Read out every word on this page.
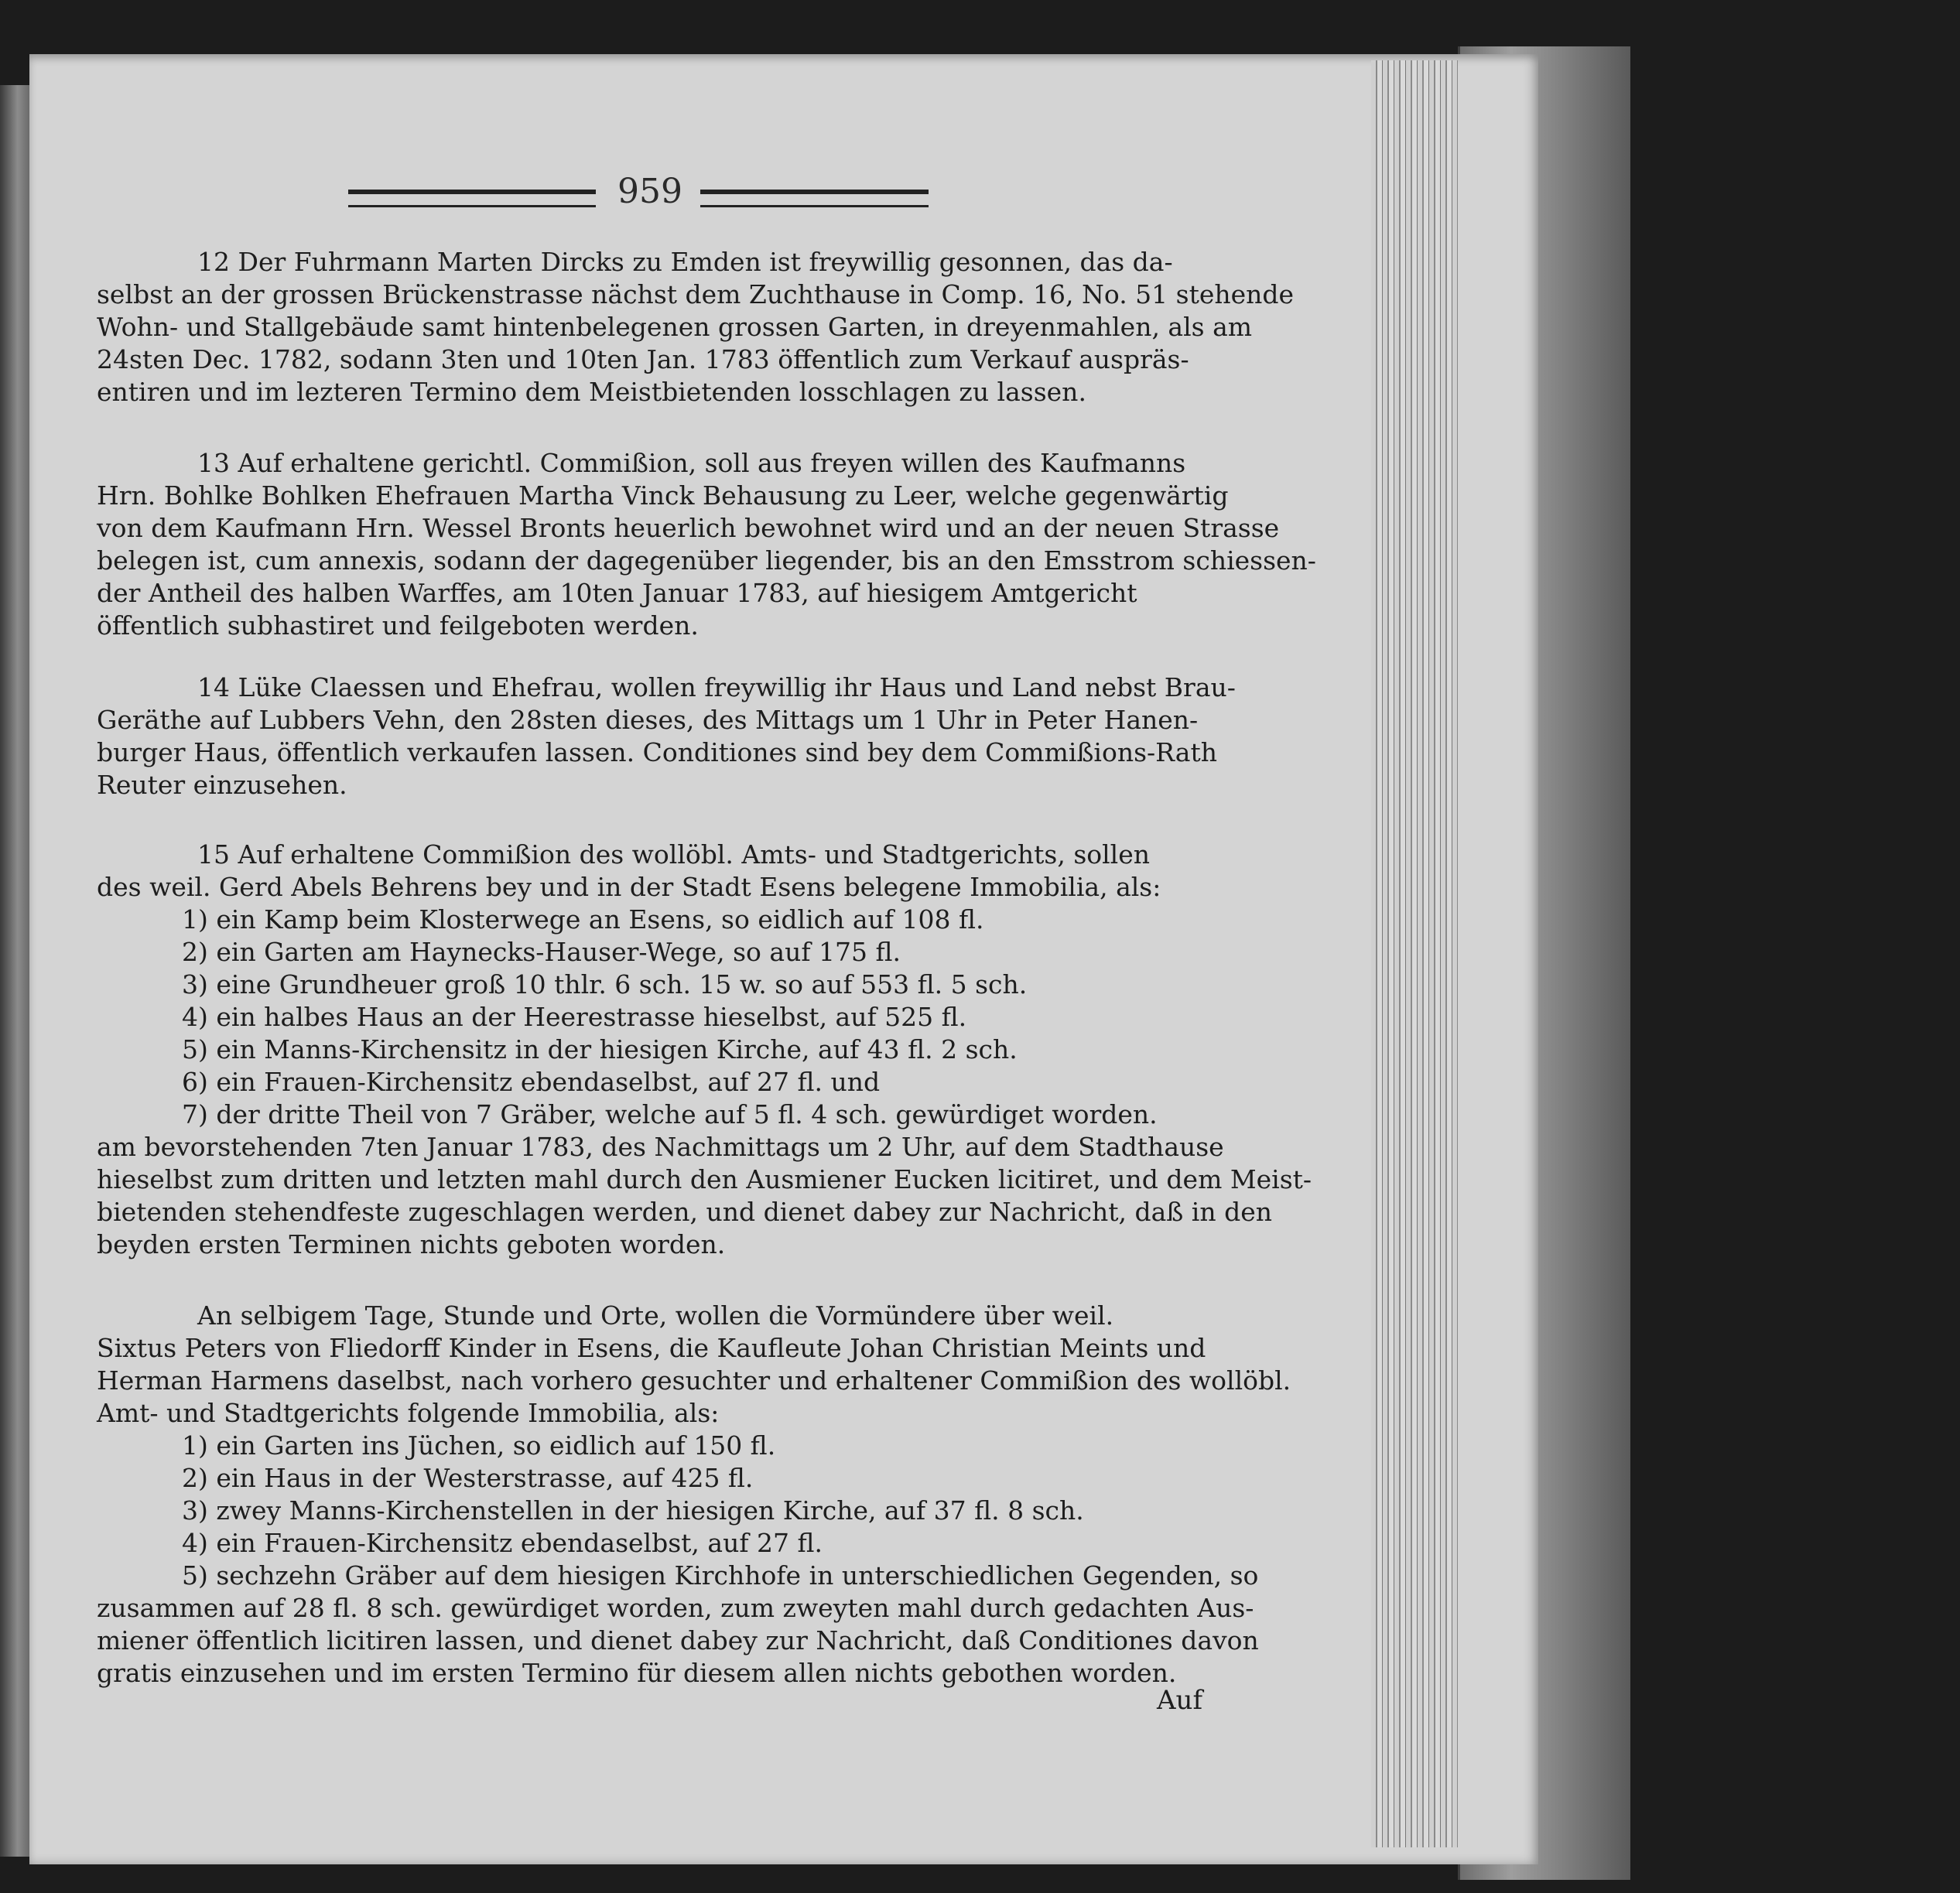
959
12 Der Fuhrmann Marten Dircks zu Emden ist freywillig gesonnen, das da-
selbst an der grossen Brückenstrasse nächst dem Zuchthause in Comp. 16, No. 51 stehende
Wohn- und Stallgebäude samt hintenbelegenen grossen Garten, in dreyenmahlen, als am
24sten Dec. 1782, sodann 3ten und 10ten Jan. 1783 öffentlich zum Verkauf auspräs-
entiren und im lezteren Termino dem Meistbietenden losschlagen zu lassen.
13 Auf erhaltene gerichtl. Commißion, soll aus freyen willen des Kaufmanns
Hrn. Bohlke Bohlken Ehefrauen Martha Vinck Behausung zu Leer, welche gegenwärtig
von dem Kaufmann Hrn. Wessel Bronts heuerlich bewohnet wird und an der neuen Strasse
belegen ist, cum annexis, sodann der dagegenüber liegender, bis an den Emsstrom schiessen-
der Antheil des halben Warffes, am 10ten Januar 1783, auf hiesigem Amtgericht
öffentlich subhastiret und feilgeboten werden.
14 Lüke Claessen und Ehefrau, wollen freywillig ihr Haus und Land nebst Brau-
Geräthe auf Lubbers Vehn, den 28sten dieses, des Mittags um 1 Uhr in Peter Hanen-
burger Haus, öffentlich verkaufen lassen. Conditiones sind bey dem Commißions-Rath
Reuter einzusehen.
15 Auf erhaltene Commißion des wollöbl. Amts- und Stadtgerichts, sollen
des weil. Gerd Abels Behrens bey und in der Stadt Esens belegene Immobilia, als:
1) ein Kamp beim Klosterwege an Esens, so eidlich auf 108 fl.
2) ein Garten am Haynecks-Hauser-Wege, so auf 175 fl.
3) eine Grundheuer groß 10 thlr. 6 sch. 15 w. so auf 553 fl. 5 sch.
4) ein halbes Haus an der Heerestrasse hieselbst, auf 525 fl.
5) ein Manns-Kirchensitz in der hiesigen Kirche, auf 43 fl. 2 sch.
6) ein Frauen-Kirchensitz ebendaselbst, auf 27 fl. und
7) der dritte Theil von 7 Gräber, welche auf 5 fl. 4 sch. gewürdiget worden.
am bevorstehenden 7ten Januar 1783, des Nachmittags um 2 Uhr, auf dem Stadthause
hieselbst zum dritten und letzten mahl durch den Ausmiener Eucken licitiret, und dem Meist-
bietenden stehendfeste zugeschlagen werden, und dienet dabey zur Nachricht, daß in den
beyden ersten Terminen nichts geboten worden.
An selbigem Tage, Stunde und Orte, wollen die Vormündere über weil.
Sixtus Peters von Fliedorff Kinder in Esens, die Kaufleute Johan Christian Meints und
Herman Harmens daselbst, nach vorhero gesuchter und erhaltener Commißion des wollöbl.
Amt- und Stadtgerichts folgende Immobilia, als:
1) ein Garten ins Jüchen, so eidlich auf 150 fl.
2) ein Haus in der Westerstrasse, auf 425 fl.
3) zwey Manns-Kirchenstellen in der hiesigen Kirche, auf 37 fl. 8 sch.
4) ein Frauen-Kirchensitz ebendaselbst, auf 27 fl.
5) sechzehn Gräber auf dem hiesigen Kirchhofe in unterschiedlichen Gegenden, so
zusammen auf 28 fl. 8 sch. gewürdiget worden, zum zweyten mahl durch gedachten Aus-
miener öffentlich licitiren lassen, und dienet dabey zur Nachricht, daß Conditiones davon
gratis einzusehen und im ersten Termino für diesem allen nichts gebothen worden.
Auf
